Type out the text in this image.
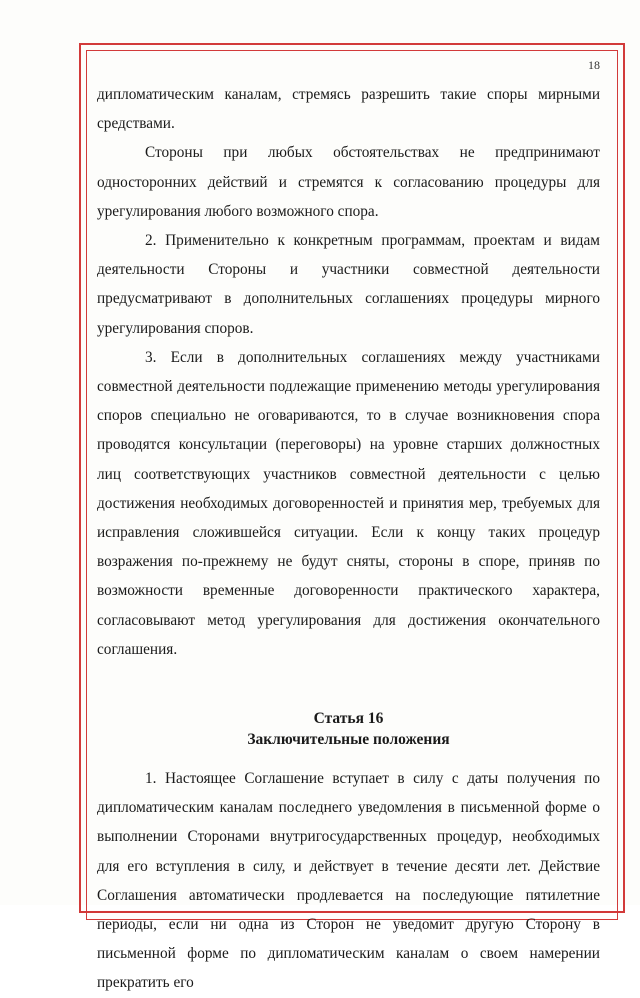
18

дипломатическим каналам, стремясь разрешить такие споры мирными средствами.

Стороны при любых обстоятельствах не предпринимают односторонних действий и стремятся к согласованию процедуры для урегулирования любого возможного спора.

2. Применительно к конкретным программам, проектам и видам деятельности Стороны и участники совместной деятельности предусматривают в дополнительных соглашениях процедуры мирного урегулирования споров.

3. Если в дополнительных соглашениях между участниками совместной деятельности подлежащие применению методы урегулирования споров специально не оговариваются, то в случае возникновения спора проводятся консультации (переговоры) на уровне старших должностных лиц соответствующих участников совместной деятельности с целью достижения необходимых договоренностей и принятия мер, требуемых для исправления сложившейся ситуации. Если к концу таких процедур возражения по-прежнему не будут сняты, стороны в споре, приняв по возможности временные договоренности практического характера, согласовывают метод урегулирования для достижения окончательного соглашения.

Статья 16
Заключительные положения

1. Настоящее Соглашение вступает в силу с даты получения по дипломатическим каналам последнего уведомления в письменной форме о выполнении Сторонами внутригосударственных процедур, необходимых для его вступления в силу, и действует в течение десяти лет. Действие Соглашения автоматически продлевается на последующие пятилетние периоды, если ни одна из Сторон не уведомит другую Сторону в письменной форме по дипломатическим каналам о своем намерении прекратить его
